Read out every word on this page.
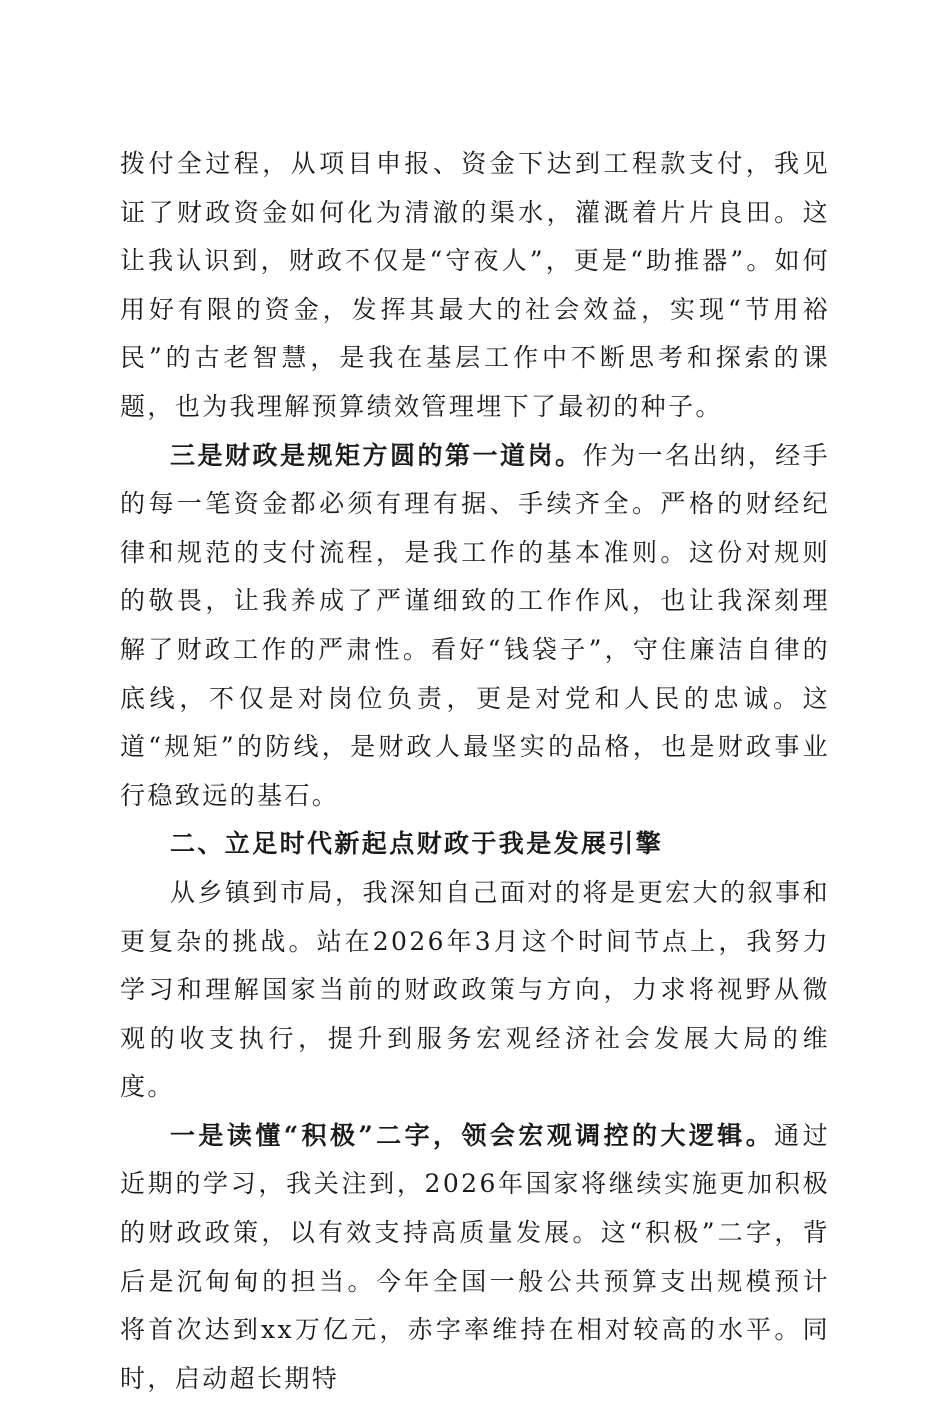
拨付全过程，从项目申报、资金下达到工程款支付，我见证了财政资金如何化为清澈的渠水，灌溉着片片良田。这让我认识到，财政不仅是“守夜人”，更是“助推器”。如何用好有限的资金，发挥其最大的社会效益，实现“节用裕民”的古老智慧，是我在基层工作中不断思考和探索的课题，也为我理解预算绩效管理埋下了最初的种子。

三是财政是规矩方圆的第一道岗。作为一名出纳，经手的每一笔资金都必须有理有据、手续齐全。严格的财经纪律和规范的支付流程，是我工作的基本准则。这份对规则的敬畏，让我养成了严谨细致的工作作风，也让我深刻理解了财政工作的严肃性。看好“钱袋子”，守住廉洁自律的底线，不仅是对岗位负责，更是对党和人民的忠诚。这道“规矩”的防线，是财政人最坚实的品格，也是财政事业行稳致远的基石。

二、立足时代新起点财政于我是发展引擎

从乡镇到市局，我深知自己面对的将是更宏大的叙事和更复杂的挑战。站在2026年3月这个时间节点上，我努力学习和理解国家当前的财政政策与方向，力求将视野从微观的收支执行，提升到服务宏观经济社会发展大局的维度。

一是读懂“积极”二字，领会宏观调控的大逻辑。通过近期的学习，我关注到，2026年国家将继续实施更加积极的财政政策，以有效支持高质量发展。这“积极”二字，背后是沉甸甸的担当。今年全国一般公共预算支出规模预计将首次达到xx万亿元，赤字率维持在相对较高的水平。同时，启动超长期特
